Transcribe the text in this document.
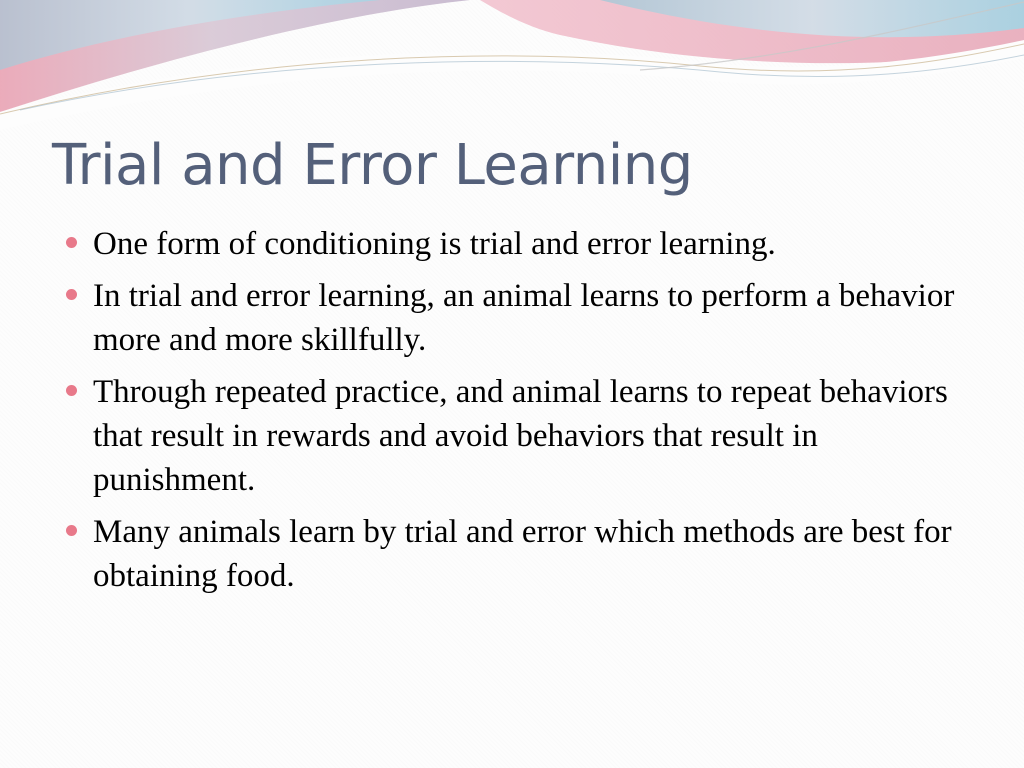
Trial and Error Learning
One form of conditioning is trial and error learning.
In trial and error learning, an animal learns to perform a behavior more and more skillfully.
Through repeated practice, and animal learns to repeat behaviors that result in rewards and avoid behaviors that result in punishment.
Many animals learn by trial and error which methods are best for obtaining food.
